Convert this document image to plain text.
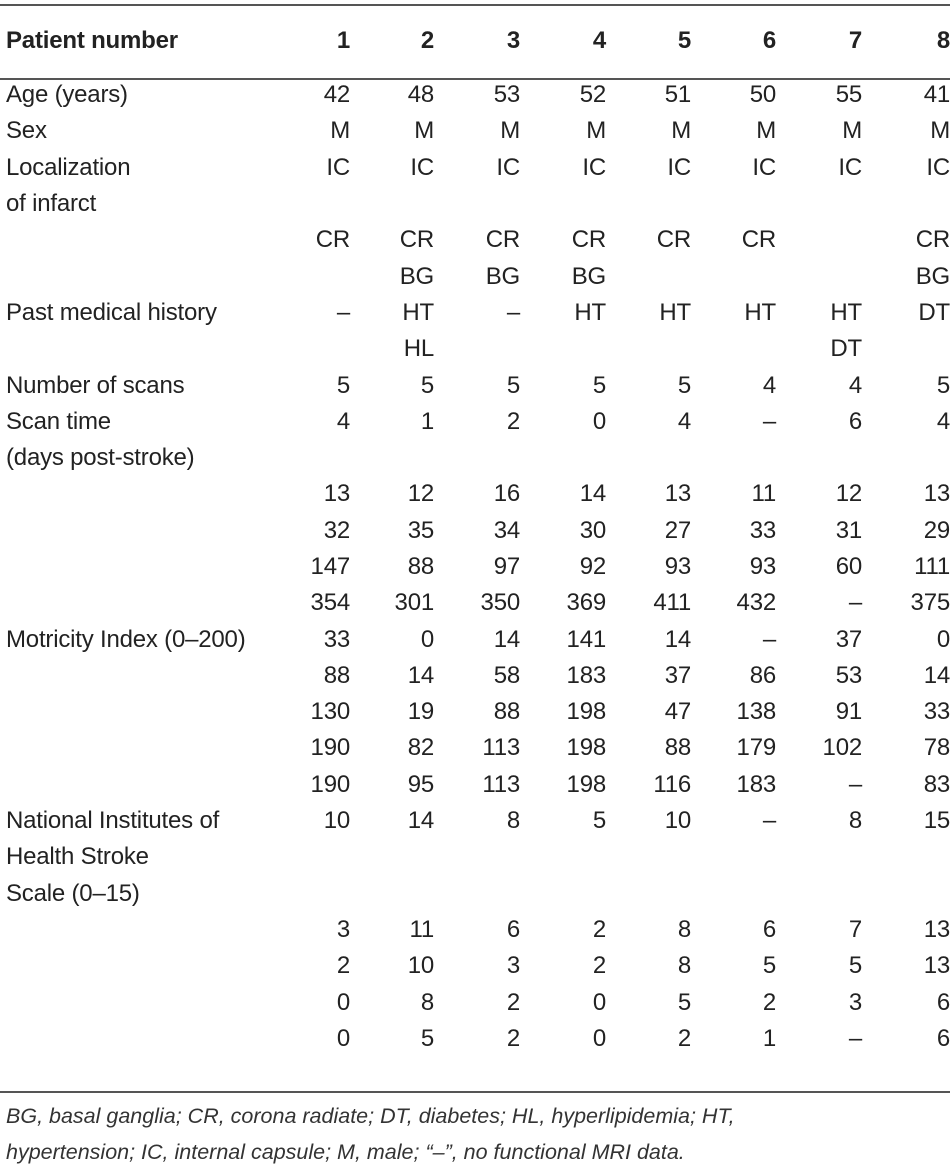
Patient number	1	2	3	4	5	6	7	8
Age (years)	42	48	53	52	51	50	55	41
Sex	M	M	M	M	M	M	M	M
Localization	IC	IC	IC	IC	IC	IC	IC	IC
of infarct								
	CR	CR	CR	CR	CR	CR		CR
		BG	BG	BG				BG
Past medical history	–	HT	–	HT	HT	HT	HT	DT
		HL					DT	
Number of scans	5	5	5	5	5	4	4	5
Scan time	4	1	2	0	4	–	6	4
(days post-stroke)								
	13	12	16	14	13	11	12	13
	32	35	34	30	27	33	31	29
	147	88	97	92	93	93	60	111
	354	301	350	369	411	432	–	375
Motricity Index (0–200)	33	0	14	141	14	–	37	0
	88	14	58	183	37	86	53	14
	130	19	88	198	47	138	91	33
	190	82	113	198	88	179	102	78
	190	95	113	198	116	183	–	83
National Institutes of	10	14	8	5	10	–	8	15
Health Stroke								
Scale (0–15)								
	3	11	6	2	8	6	7	13
	2	10	3	2	8	5	5	13
	0	8	2	0	5	2	3	6
	0	5	2	0	2	1	–	6
BG, basal ganglia; CR, corona radiate; DT, diabetes; HL, hyperlipidemia; HT,
hypertension; IC, internal capsule; M, male; “–”, no functional MRI data.
